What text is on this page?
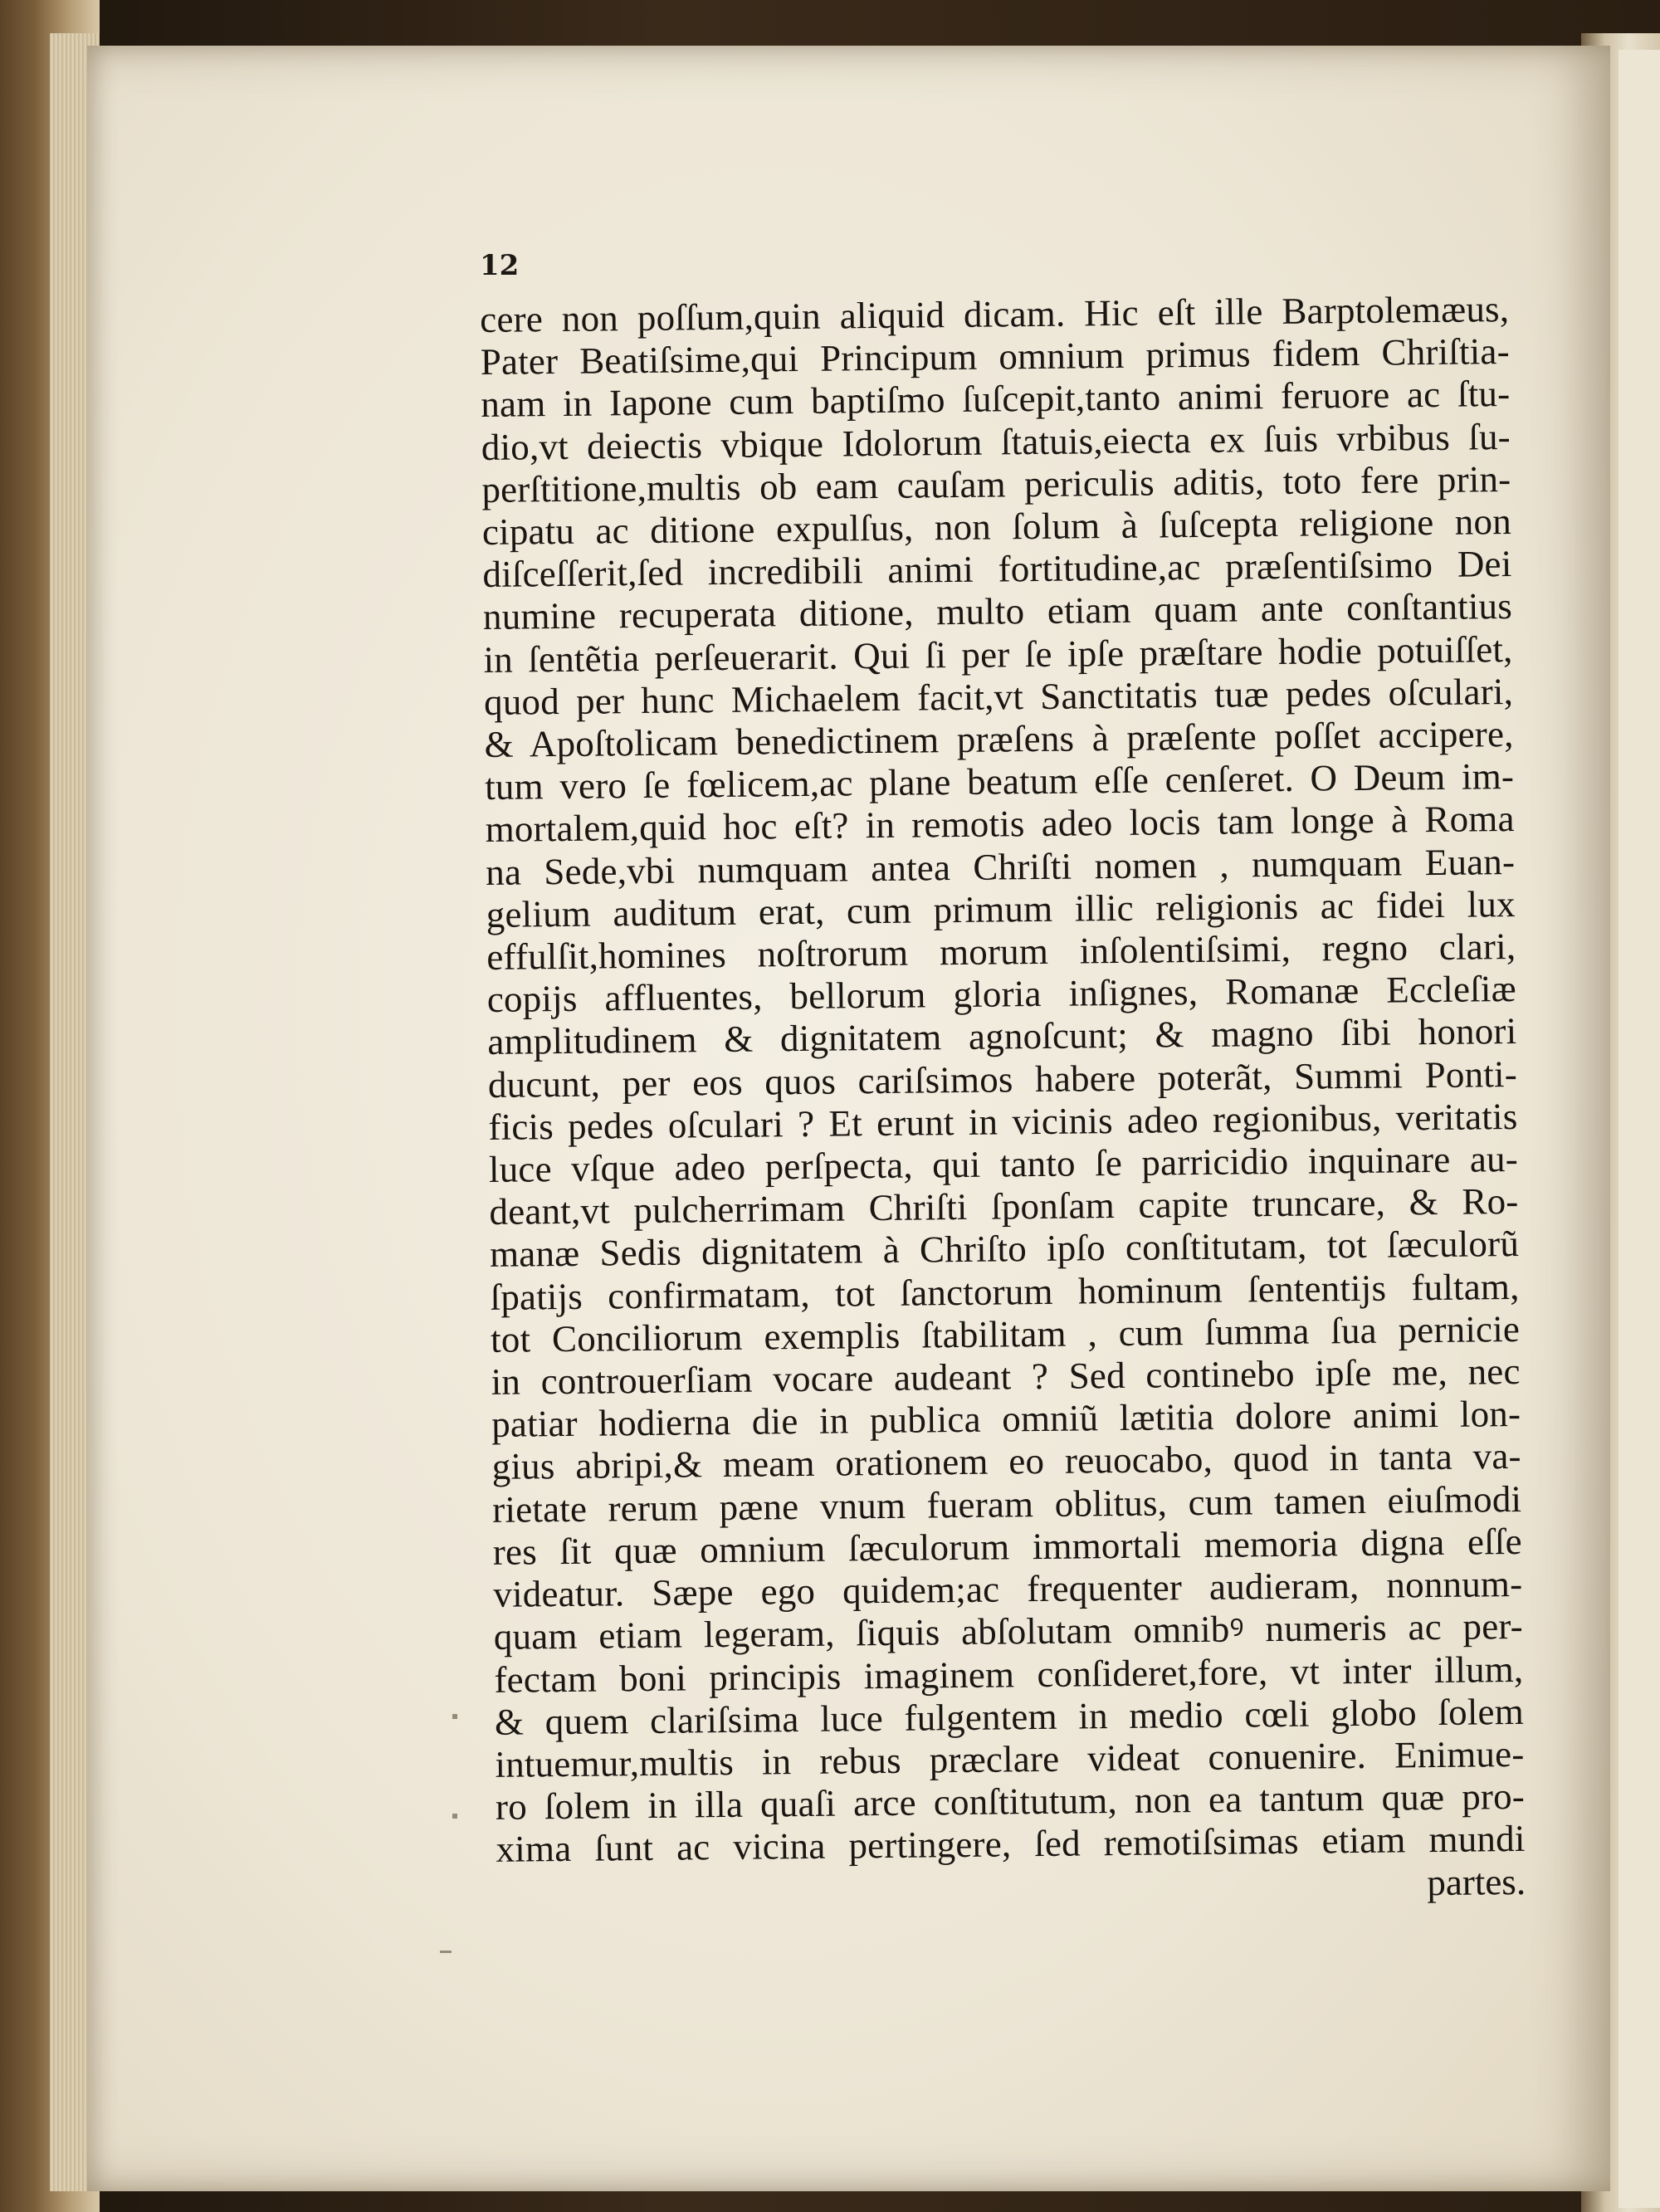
12
cere non poſſum,quin aliquid dicam. Hic eſt ille Barptolemæus,
Pater Beatiſsime,qui Principum omnium primus fidem Chriſtia-
nam in Iapone cum baptiſmo ſuſcepit,tanto animi feruore ac ſtu-
dio,vt deiectis vbique Idolorum ſtatuis,eiecta ex ſuis vrbibus ſu-
perſtitione,multis ob eam cauſam periculis aditis, toto fere prin-
cipatu ac ditione expulſus, non ſolum à ſuſcepta religione non
diſceſſerit,ſed incredibili animi fortitudine,ac præſentiſsimo Dei
numine recuperata ditione, multo etiam quam ante conſtantius
in ſentẽtia perſeuerarit. Qui ſi per ſe ipſe præſtare hodie potuiſſet,
quod per hunc Michaelem facit,vt Sanctitatis tuæ pedes oſculari,
& Apoſtolicam benedictinem præſens à præſente poſſet accipere,
tum vero ſe fœlicem,ac plane beatum eſſe cenſeret. O Deum im-
mortalem,quid hoc eſt? in remotis adeo locis tam longe à Roma
na Sede,vbi numquam antea Chriſti nomen , numquam Euan-
gelium auditum erat, cum primum illic religionis ac fidei lux
effulſit,homines noſtrorum morum inſolentiſsimi, regno clari,
copijs affluentes, bellorum gloria inſignes, Romanæ Eccleſiæ
amplitudinem & dignitatem agnoſcunt; & magno ſibi honori
ducunt, per eos quos cariſsimos habere poterãt, Summi Ponti-
ficis pedes oſculari ? Et erunt in vicinis adeo regionibus, veritatis
luce vſque adeo perſpecta, qui tanto ſe parricidio inquinare au-
deant,vt pulcherrimam Chriſti ſponſam capite truncare, & Ro-
manæ Sedis dignitatem à Chriſto ipſo conſtitutam, tot ſæculorũ
ſpatijs confirmatam, tot ſanctorum hominum ſententijs fultam,
tot Conciliorum exemplis ſtabilitam , cum ſumma ſua pernicie
in controuerſiam vocare audeant ? Sed continebo ipſe me, nec
patiar hodierna die in publica omniũ lætitia dolore animi lon-
gius abripi,& meam orationem eo reuocabo, quod in tanta va-
rietate rerum pæne vnum fueram oblitus, cum tamen eiuſmodi
res ſit quæ omnium ſæculorum immortali memoria digna eſſe
videatur. Sæpe ego quidem;ac frequenter audieram, nonnum-
quam etiam legeram, ſiquis abſolutam omnibꝰ numeris ac per-
fectam boni principis imaginem conſideret,fore, vt inter illum,
& quem clariſsima luce fulgentem in medio cœli globo ſolem
intuemur,multis in rebus præclare videat conuenire. Enimue-
ro ſolem in illa quaſi arce conſtitutum, non ea tantum quæ pro-
xima ſunt ac vicina pertingere, ſed remotiſsimas etiam mundi
partes.
